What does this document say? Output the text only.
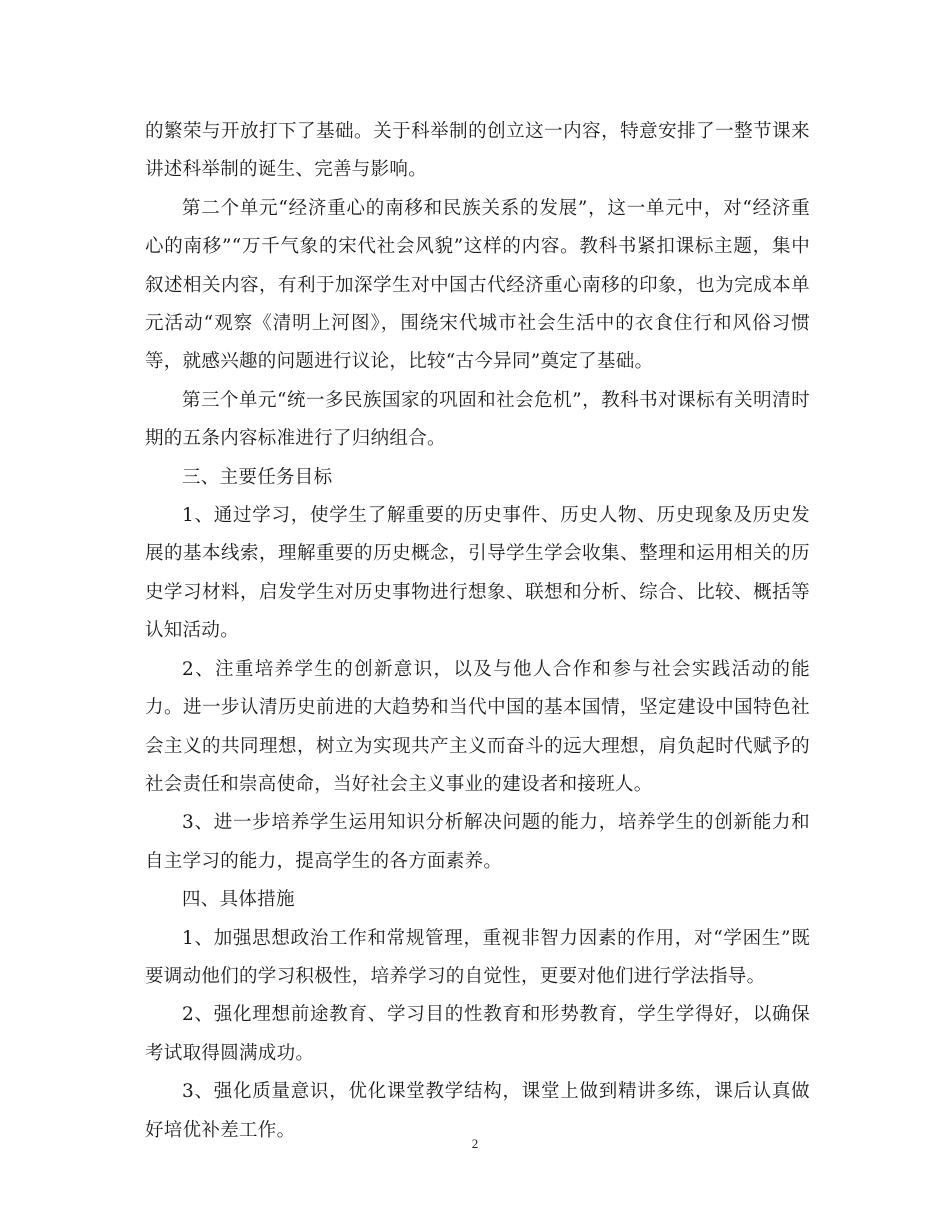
的繁荣与开放打下了基础。关于科举制的创立这一内容，特意安排了一整节课来讲述科举制的诞生、完善与影响。

第二个单元“经济重心的南移和民族关系的发展”，这一单元中，对“经济重心的南移”“万千气象的宋代社会风貌”这样的内容。教科书紧扣课标主题，集中叙述相关内容，有利于加深学生对中国古代经济重心南移的印象，也为完成本单元活动“观察《清明上河图》，围绕宋代城市社会生活中的衣食住行和风俗习惯等，就感兴趣的问题进行议论，比较“古今异同”奠定了基础。

第三个单元“统一多民族国家的巩固和社会危机”，教科书对课标有关明清时期的五条内容标准进行了归纳组合。

三、主要任务目标

1、通过学习，使学生了解重要的历史事件、历史人物、历史现象及历史发展的基本线索，理解重要的历史概念，引导学生学会收集、整理和运用相关的历史学习材料，启发学生对历史事物进行想象、联想和分析、综合、比较、概括等认知活动。

2、注重培养学生的创新意识，以及与他人合作和参与社会实践活动的能力。进一步认清历史前进的大趋势和当代中国的基本国情，坚定建设中国特色社会主义的共同理想，树立为实现共产主义而奋斗的远大理想，肩负起时代赋予的社会责任和崇高使命，当好社会主义事业的建设者和接班人。

3、进一步培养学生运用知识分析解决问题的能力，培养学生的创新能力和自主学习的能力，提高学生的各方面素养。

四、具体措施

1、加强思想政治工作和常规管理，重视非智力因素的作用，对“学困生”既要调动他们的学习积极性，培养学习的自觉性，更要对他们进行学法指导。

2、强化理想前途教育、学习目的性教育和形势教育，学生学得好，以确保考试取得圆满成功。

3、强化质量意识，优化课堂教学结构，课堂上做到精讲多练，课后认真做好培优补差工作。

2
